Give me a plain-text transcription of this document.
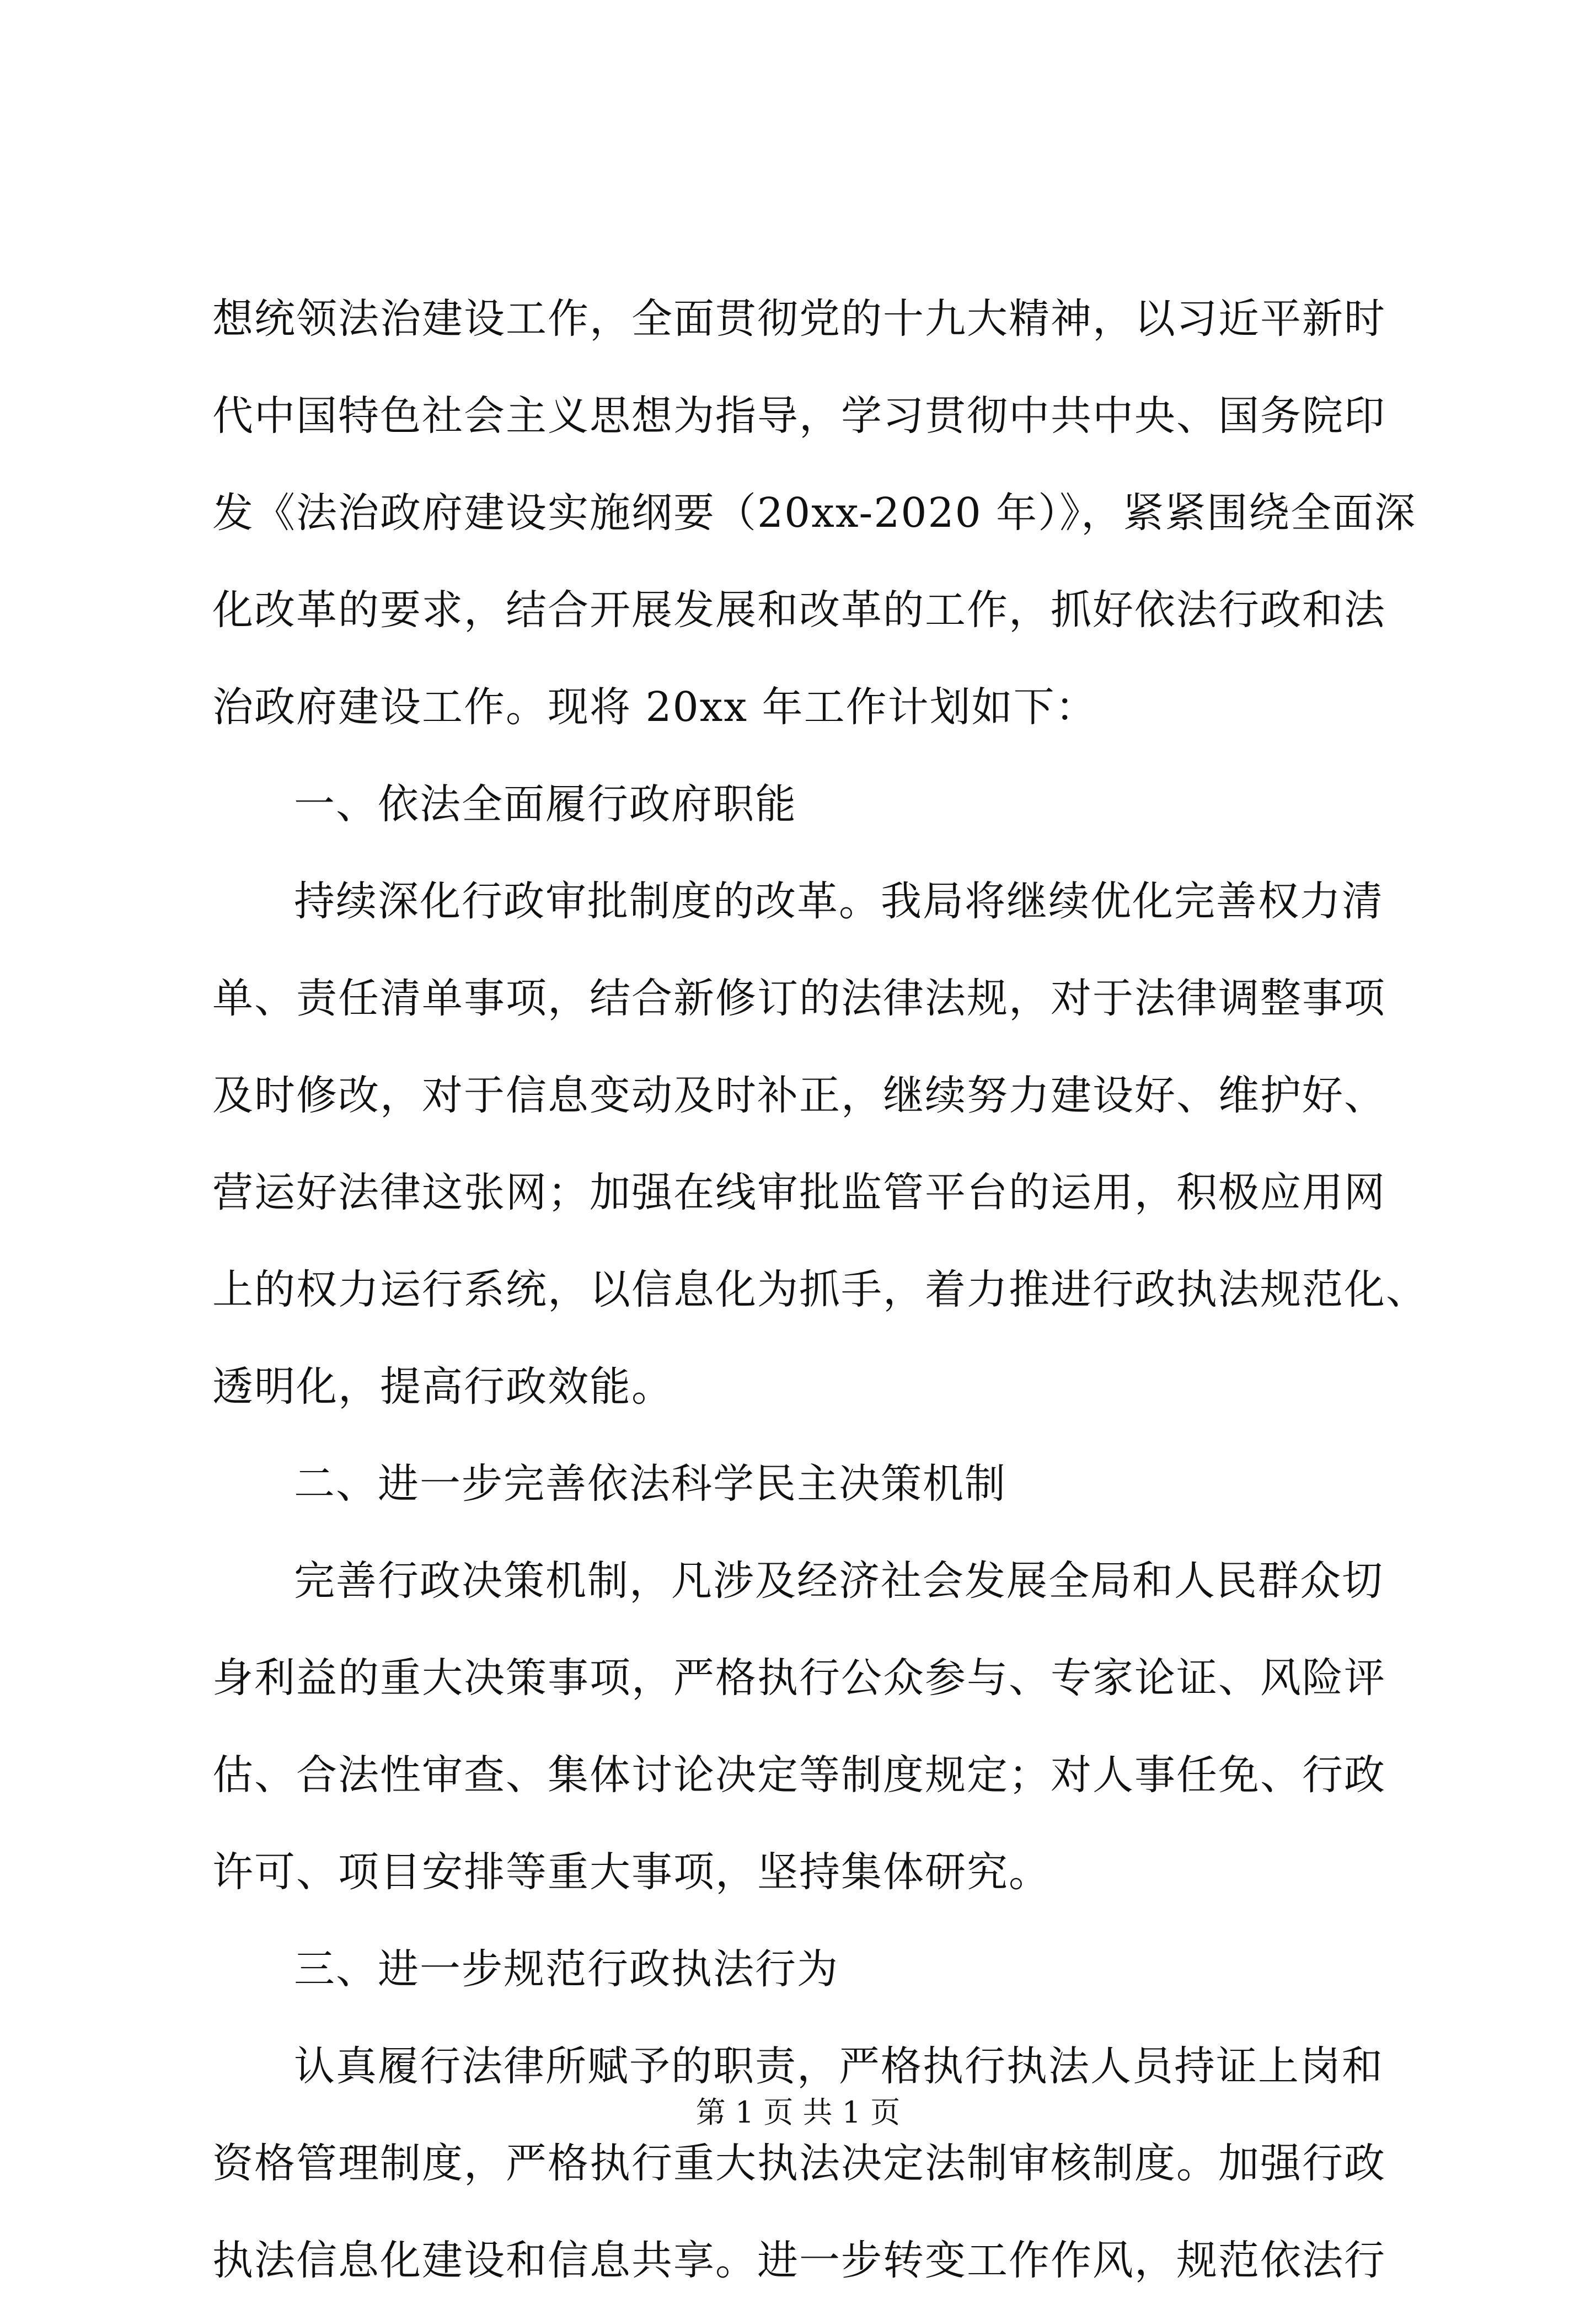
想统领法治建设工作，全面贯彻党的十九大精神，以习近平新时
代中国特色社会主义思想为指导，学习贯彻中共中央、国务院印
发《法治政府建设实施纲要（20xx-2020 年）》，紧紧围绕全面深
化改革的要求，结合开展发展和改革的工作，抓好依法行政和法
治政府建设工作。现将 20xx 年工作计划如下：
一、依法全面履行政府职能
持续深化行政审批制度的改革。我局将继续优化完善权力清
单、责任清单事项，结合新修订的法律法规，对于法律调整事项
及时修改，对于信息变动及时补正，继续努力建设好、维护好、
营运好法律这张网；加强在线审批监管平台的运用，积极应用网
上的权力运行系统，以信息化为抓手，着力推进行政执法规范化、
透明化，提高行政效能。
二、进一步完善依法科学民主决策机制
完善行政决策机制，凡涉及经济社会发展全局和人民群众切
身利益的重大决策事项，严格执行公众参与、专家论证、风险评
估、合法性审查、集体讨论决定等制度规定；对人事任免、行政
许可、项目安排等重大事项，坚持集体研究。
三、进一步规范行政执法行为
认真履行法律所赋予的职责，严格执行执法人员持证上岗和
资格管理制度，严格执行重大执法决定法制审核制度。加强行政
执法信息化建设和信息共享。进一步转变工作作风，规范依法行
第 1 页 共 1 页
